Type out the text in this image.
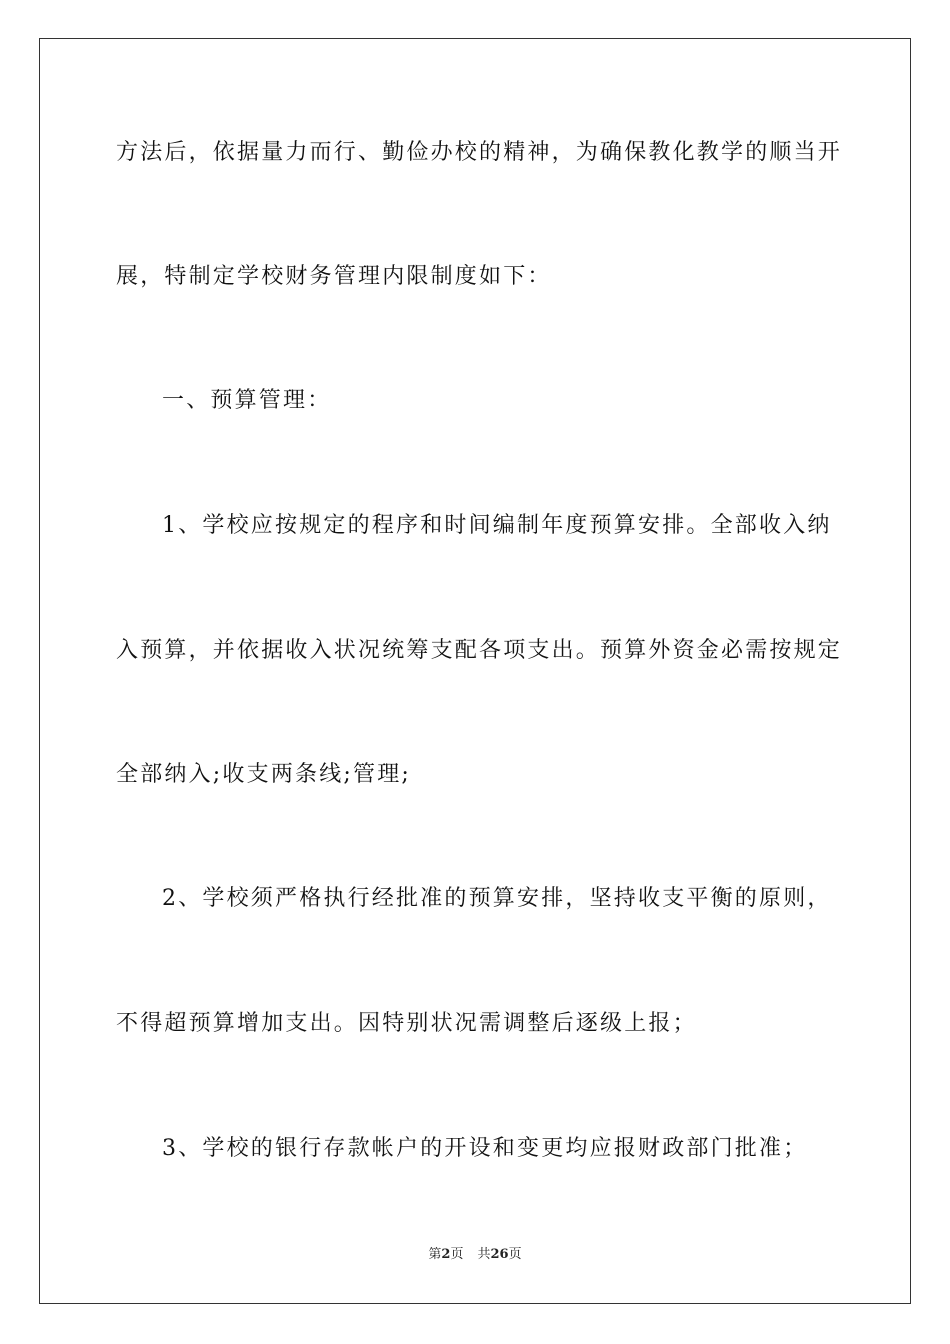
方法后，依据量力而行、勤俭办校的精神，为确保教化教学的顺当开
展，特制定学校财务管理内限制度如下：
一、预算管理：
1、学校应按规定的程序和时间编制年度预算安排。全部收入纳
入预算，并依据收入状况统筹支配各项支出。预算外资金必需按规定
全部纳入;收支两条线;管理;
2、学校须严格执行经批准的预算安排，坚持收支平衡的原则，
不得超预算增加支出。因特别状况需调整后逐级上报；
3、学校的银行存款帐户的开设和变更均应报财政部门批准；
第2页 共26页
